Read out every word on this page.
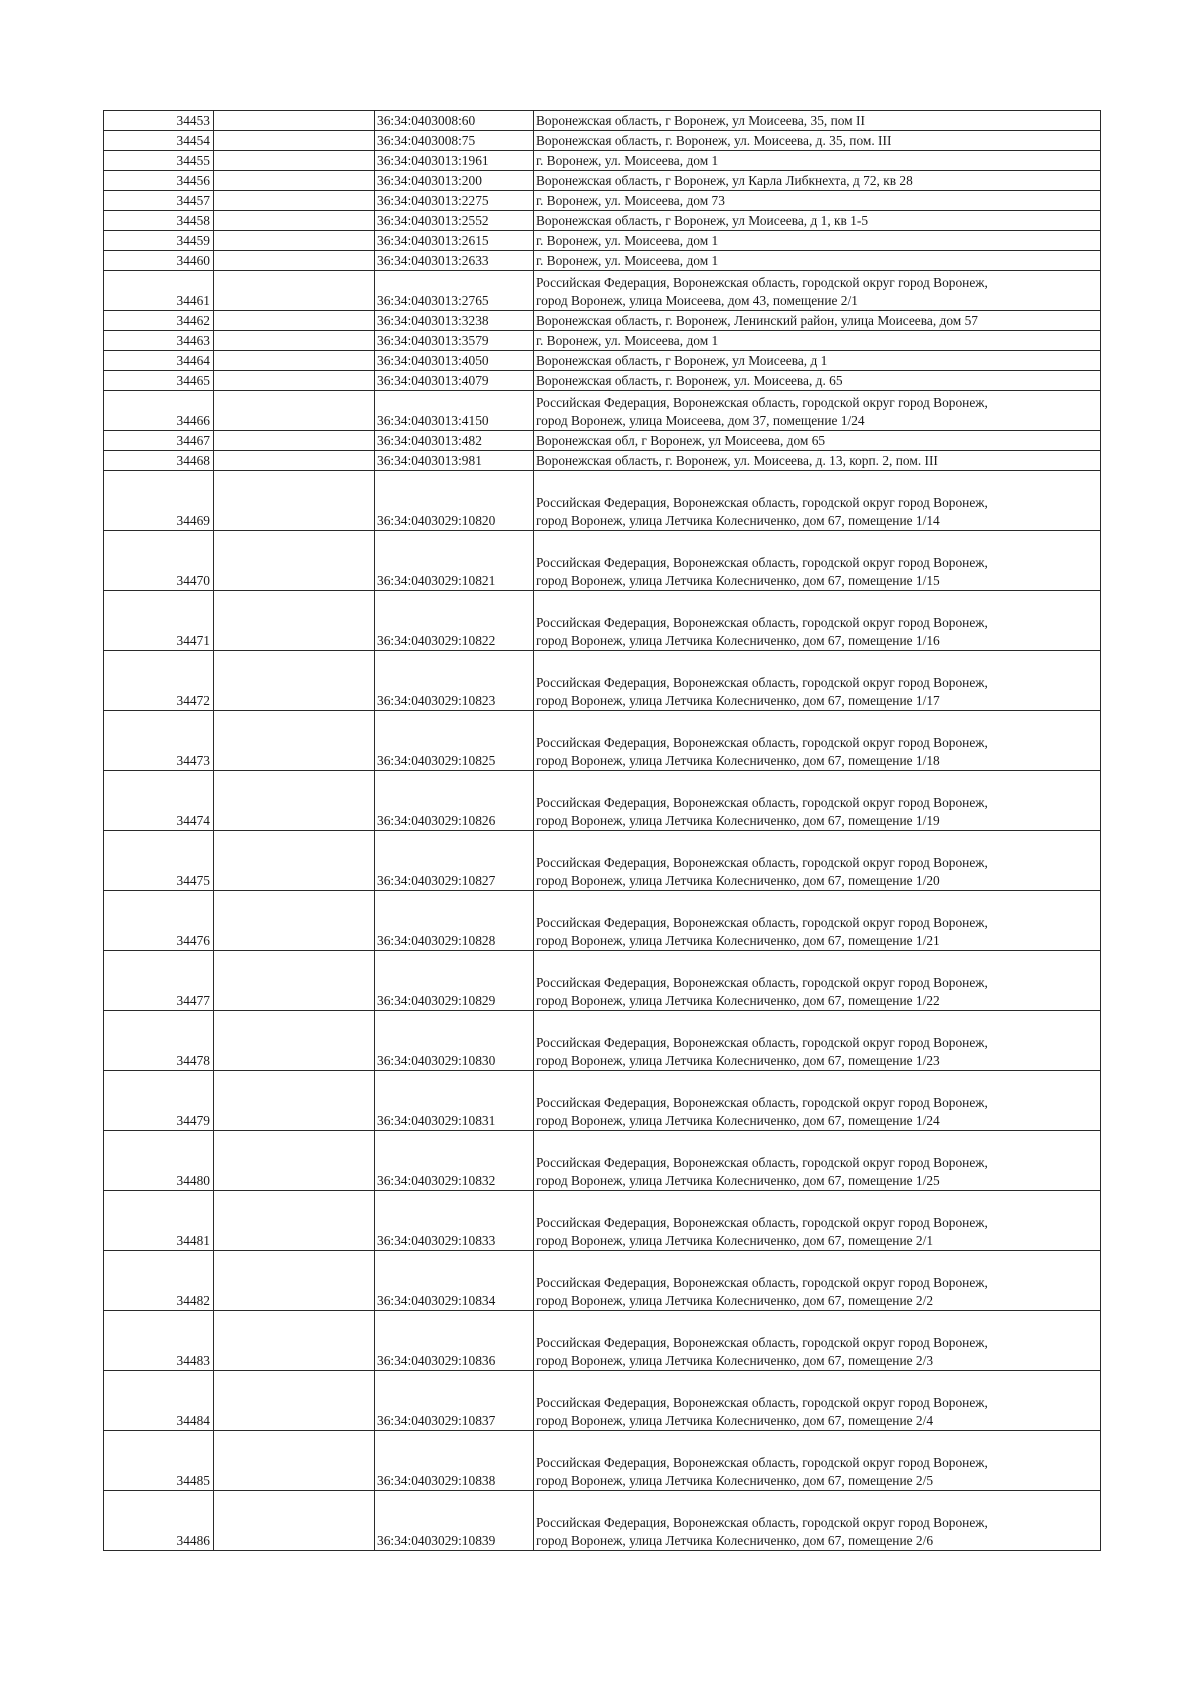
34453		36:34:0403008:60	Воронежская область, г Воронеж, ул Моисеева, 35, пом II

34454		36:34:0403008:75	Воронежская область, г. Воронеж, ул. Моисеева, д. 35, пом. III

34455		36:34:0403013:1961	г. Воронеж, ул. Моисеева, дом 1

34456		36:34:0403013:200	Воронежская область, г Воронеж, ул Карла Либкнехта, д 72, кв 28

34457		36:34:0403013:2275	г. Воронеж, ул. Моисеева, дом 73

34458		36:34:0403013:2552	Воронежская область, г Воронеж, ул Моисеева, д 1, кв 1-5

34459		36:34:0403013:2615	г. Воронеж, ул. Моисеева, дом 1

34460		36:34:0403013:2633	г. Воронеж, ул. Моисеева, дом 1

34461		36:34:0403013:2765	Российская Федерация, Воронежская область, городской округ город Воронеж,
город Воронеж, улица Моисеева, дом 43, помещение 2/1

34462		36:34:0403013:3238	Воронежская область, г. Воронеж, Ленинский район, улица Моисеева, дом 57

34463		36:34:0403013:3579	г. Воронеж, ул. Моисеева, дом 1

34464		36:34:0403013:4050	Воронежская область, г Воронеж, ул Моисеева, д 1

34465		36:34:0403013:4079	Воронежская область, г. Воронеж, ул. Моисеева, д. 65

34466		36:34:0403013:4150	Российская Федерация, Воронежская область, городской округ город Воронеж,
город Воронеж, улица Моисеева, дом 37, помещение 1/24

34467		36:34:0403013:482	Воронежская обл, г Воронеж, ул Моисеева, дом 65

34468		36:34:0403013:981	Воронежская область, г. Воронеж, ул. Моисеева, д. 13, корп. 2, пом. III

34469		36:34:0403029:10820	Российская Федерация, Воронежская область, городской округ город Воронеж,
город Воронеж, улица Летчика Колесниченко, дом 67, помещение 1/14

34470		36:34:0403029:10821	Российская Федерация, Воронежская область, городской округ город Воронеж,
город Воронеж, улица Летчика Колесниченко, дом 67, помещение 1/15

34471		36:34:0403029:10822	Российская Федерация, Воронежская область, городской округ город Воронеж,
город Воронеж, улица Летчика Колесниченко, дом 67, помещение 1/16

34472		36:34:0403029:10823	Российская Федерация, Воронежская область, городской округ город Воронеж,
город Воронеж, улица Летчика Колесниченко, дом 67, помещение 1/17

34473		36:34:0403029:10825	Российская Федерация, Воронежская область, городской округ город Воронеж,
город Воронеж, улица Летчика Колесниченко, дом 67, помещение 1/18

34474		36:34:0403029:10826	Российская Федерация, Воронежская область, городской округ город Воронеж,
город Воронеж, улица Летчика Колесниченко, дом 67, помещение 1/19

34475		36:34:0403029:10827	Российская Федерация, Воронежская область, городской округ город Воронеж,
город Воронеж, улица Летчика Колесниченко, дом 67, помещение 1/20

34476		36:34:0403029:10828	Российская Федерация, Воронежская область, городской округ город Воронеж,
город Воронеж, улица Летчика Колесниченко, дом 67, помещение 1/21

34477		36:34:0403029:10829	Российская Федерация, Воронежская область, городской округ город Воронеж,
город Воронеж, улица Летчика Колесниченко, дом 67, помещение 1/22

34478		36:34:0403029:10830	Российская Федерация, Воронежская область, городской округ город Воронеж,
город Воронеж, улица Летчика Колесниченко, дом 67, помещение 1/23

34479		36:34:0403029:10831	Российская Федерация, Воронежская область, городской округ город Воронеж,
город Воронеж, улица Летчика Колесниченко, дом 67, помещение 1/24

34480		36:34:0403029:10832	Российская Федерация, Воронежская область, городской округ город Воронеж,
город Воронеж, улица Летчика Колесниченко, дом 67, помещение 1/25

34481		36:34:0403029:10833	Российская Федерация, Воронежская область, городской округ город Воронеж,
город Воронеж, улица Летчика Колесниченко, дом 67, помещение 2/1

34482		36:34:0403029:10834	Российская Федерация, Воронежская область, городской округ город Воронеж,
город Воронеж, улица Летчика Колесниченко, дом 67, помещение 2/2

34483		36:34:0403029:10836	Российская Федерация, Воронежская область, городской округ город Воронеж,
город Воронеж, улица Летчика Колесниченко, дом 67, помещение 2/3

34484		36:34:0403029:10837	Российская Федерация, Воронежская область, городской округ город Воронеж,
город Воронеж, улица Летчика Колесниченко, дом 67, помещение 2/4

34485		36:34:0403029:10838	Российская Федерация, Воронежская область, городской округ город Воронеж,
город Воронеж, улица Летчика Колесниченко, дом 67, помещение 2/5

34486		36:34:0403029:10839	Российская Федерация, Воронежская область, городской округ город Воронеж,
город Воронеж, улица Летчика Колесниченко, дом 67, помещение 2/6
